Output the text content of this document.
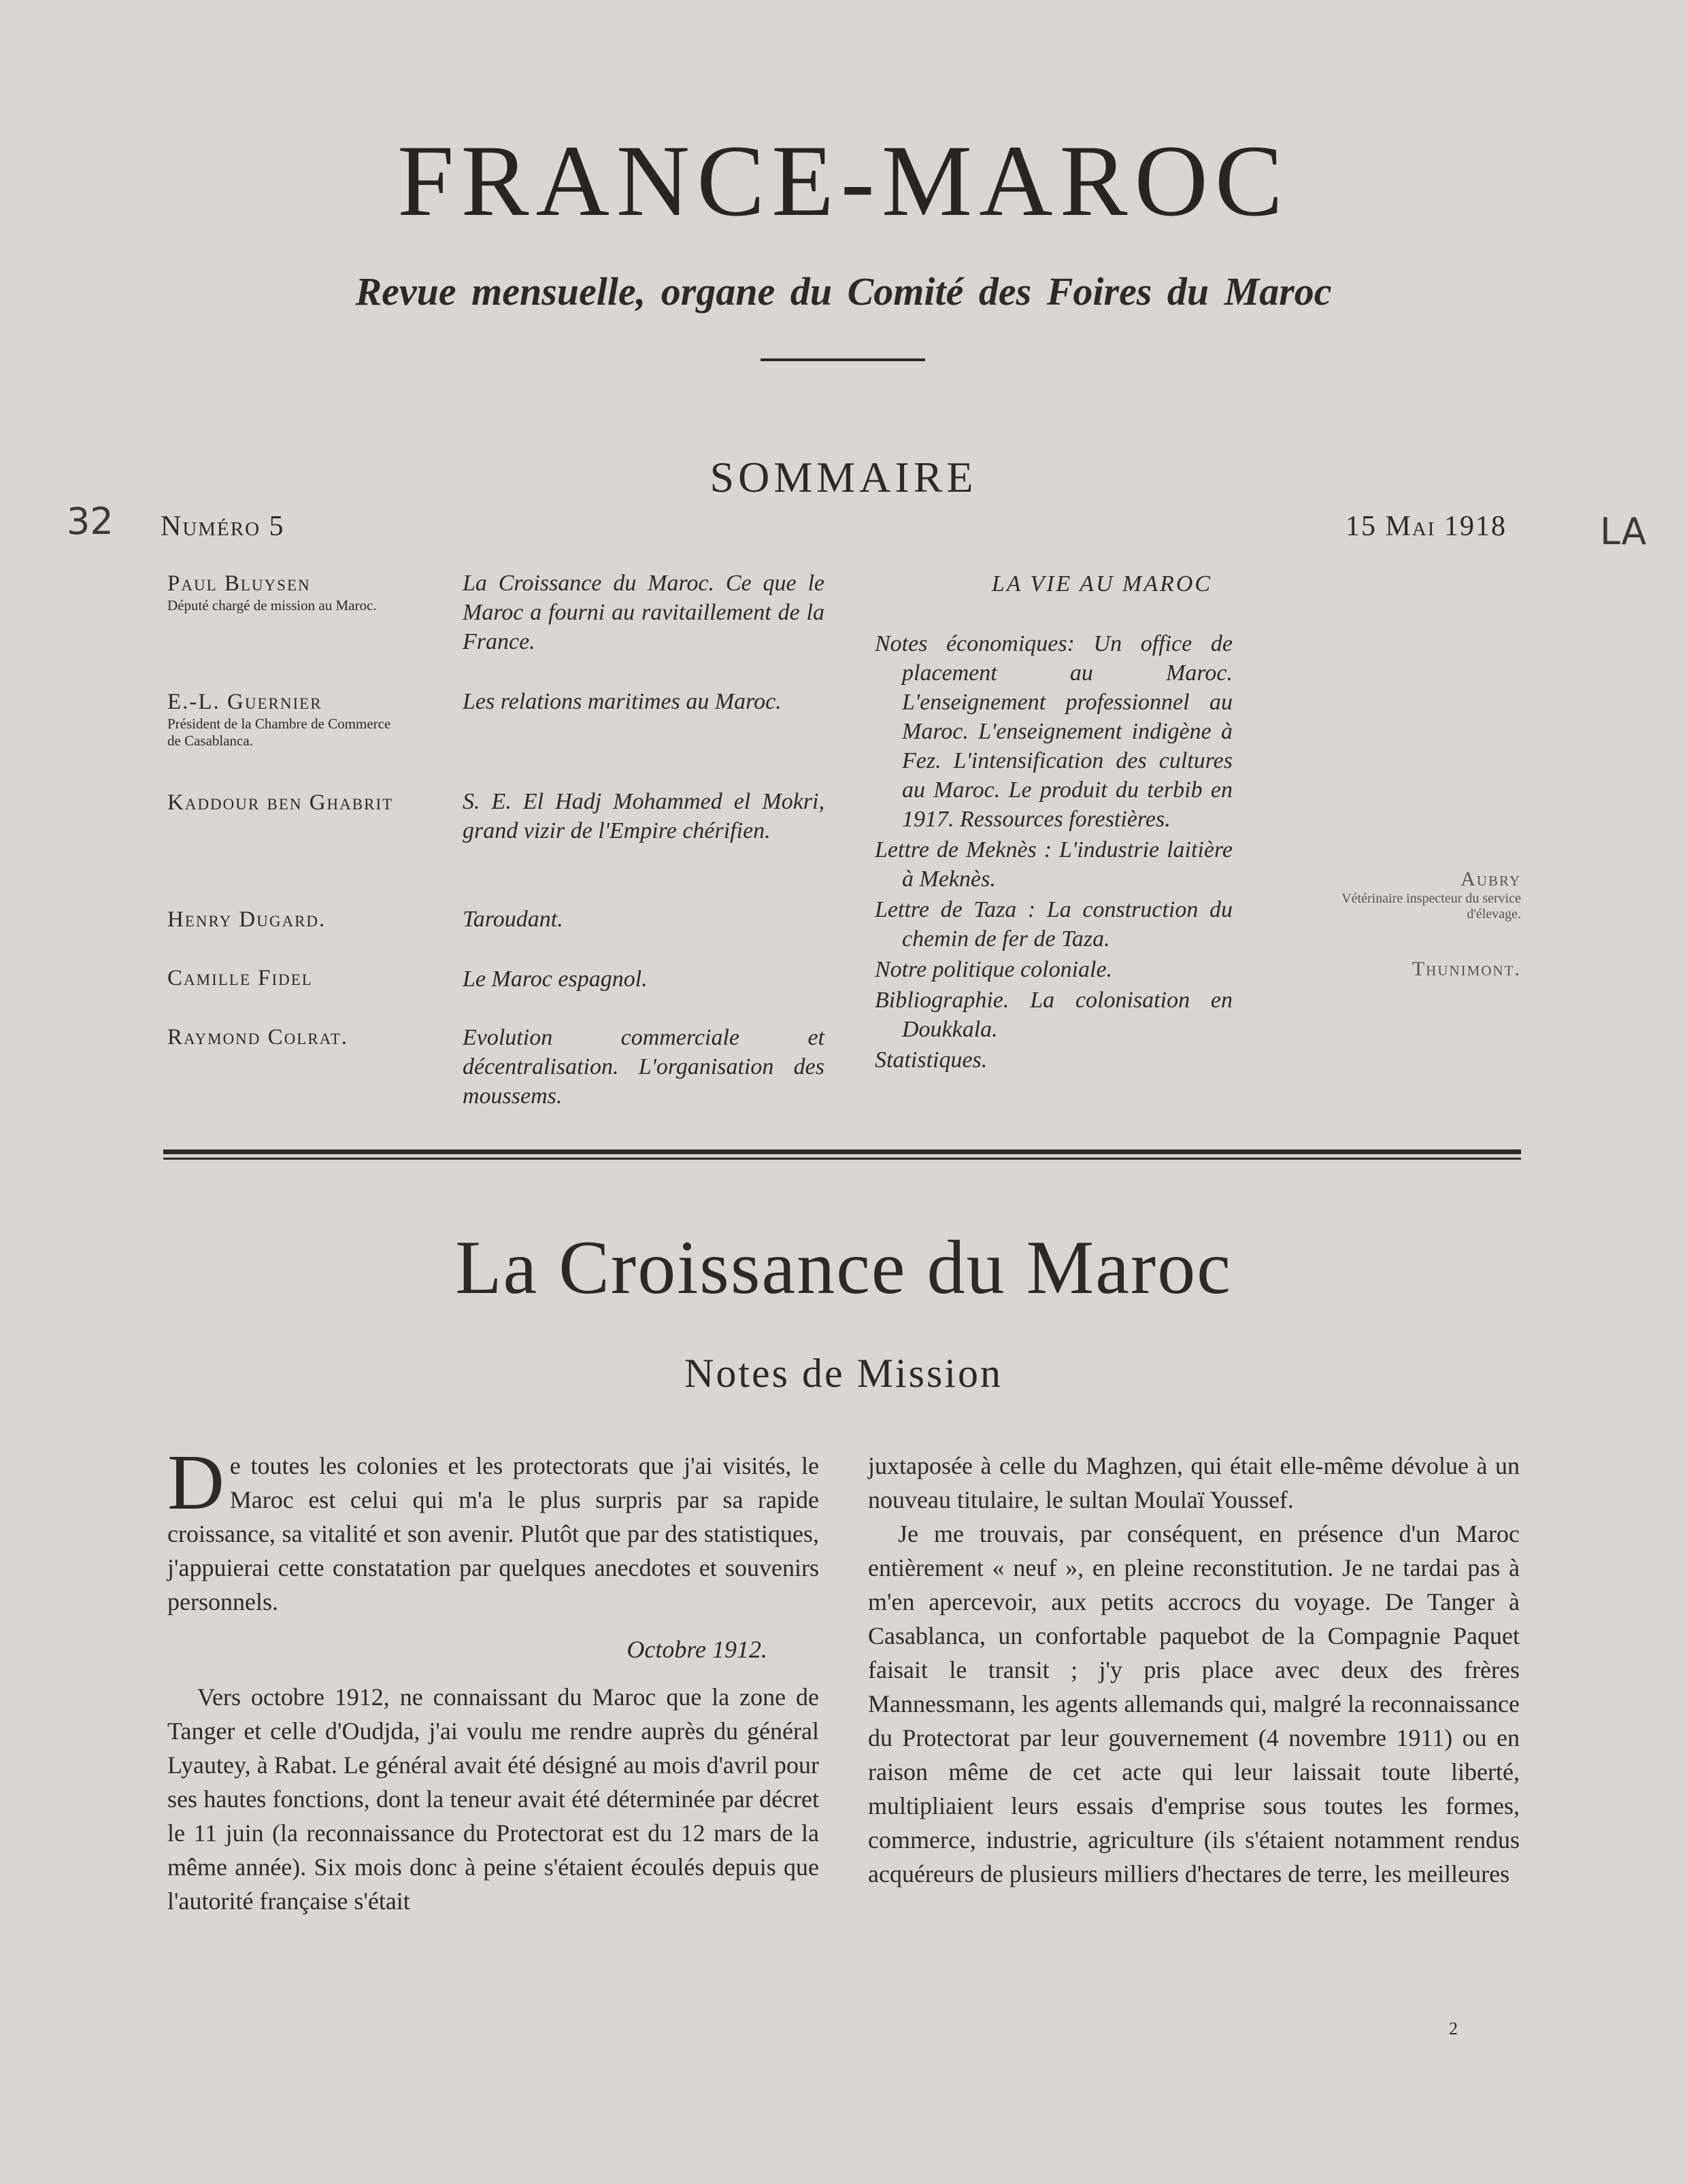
FRANCE-MAROC
Revue mensuelle, organe du Comité des Foires du Maroc
SOMMAIRE
32 Numéro 5	15 Mai 1918	LA
Paul Bluysen
Député chargé de mission au Maroc.
E.-L. Guernier
Président de la Chambre de Commerce de Casablanca.
Kaddour ben Ghabrit
Henry Dugard.
Camille Fidel
Raymond Colrat.
La Croissance du Maroc. Ce que le Maroc a fourni au ravitaillement de la France.
Les relations maritimes au Maroc.
S. E. El Hadj Mohammed el Mokri, grand vizir de l'Empire chérifien.
Taroudant.
Le Maroc espagnol.
Evolution commerciale et décentralisation. L'organisation des moussems.
LA VIE AU MAROC
Notes économiques: Un office de placement au Maroc. L'enseignement professionnel au Maroc. L'enseignement indigène à Fez. L'intensification des cultures au Maroc. Le produit du terbib en 1917. Ressources forestières.
Lettre de Meknès : L'industrie laitière à Meknès.
Lettre de Taza : La construction du chemin de fer de Taza.
Notre politique coloniale.
Bibliographie. La colonisation en Doukkala.
Statistiques.
Aubry
Vétérinaire inspecteur du service d'élevage.
Thunimont.
La Croissance du Maroc
Notes de Mission

De toutes les colonies et les protectorats que j'ai visités, le Maroc est celui qui m'a le plus surpris par sa rapide croissance, sa vitalité et son avenir. Plutôt que par des statistiques, j'appuierai cette constatation par quelques anecdotes et souvenirs personnels.

Octobre 1912.

Vers octobre 1912, ne connaissant du Maroc que la zone de Tanger et celle d'Oudjda, j'ai voulu me rendre auprès du général Lyautey, à Rabat. Le général avait été désigné au mois d'avril pour ses hautes fonctions, dont la teneur avait été déterminée par décret le 11 juin (la reconnaissance du Protectorat est du 12 mars de la même année). Six mois donc à peine s'étaient écoulés depuis que l'autorité française s'était

juxtaposée à celle du Maghzen, qui était elle-même dévolue à un nouveau titulaire, le sultan Moulaï Youssef.

Je me trouvais, par conséquent, en présence d'un Maroc entièrement « neuf », en pleine reconstitution. Je ne tardai pas à m'en apercevoir, aux petits accrocs du voyage. De Tanger à Casablanca, un confortable paquebot de la Compagnie Paquet faisait le transit ; j'y pris place avec deux des frères Mannessmann, les agents allemands qui, malgré la reconnaissance du Protectorat par leur gouvernement (4 novembre 1911) ou en raison même de cet acte qui leur laissait toute liberté, multipliaient leurs essais d'emprise sous toutes les formes, commerce, industrie, agriculture (ils s'étaient notamment rendus acquéreurs de plusieurs milliers d'hectares de terre, les meilleures

2
